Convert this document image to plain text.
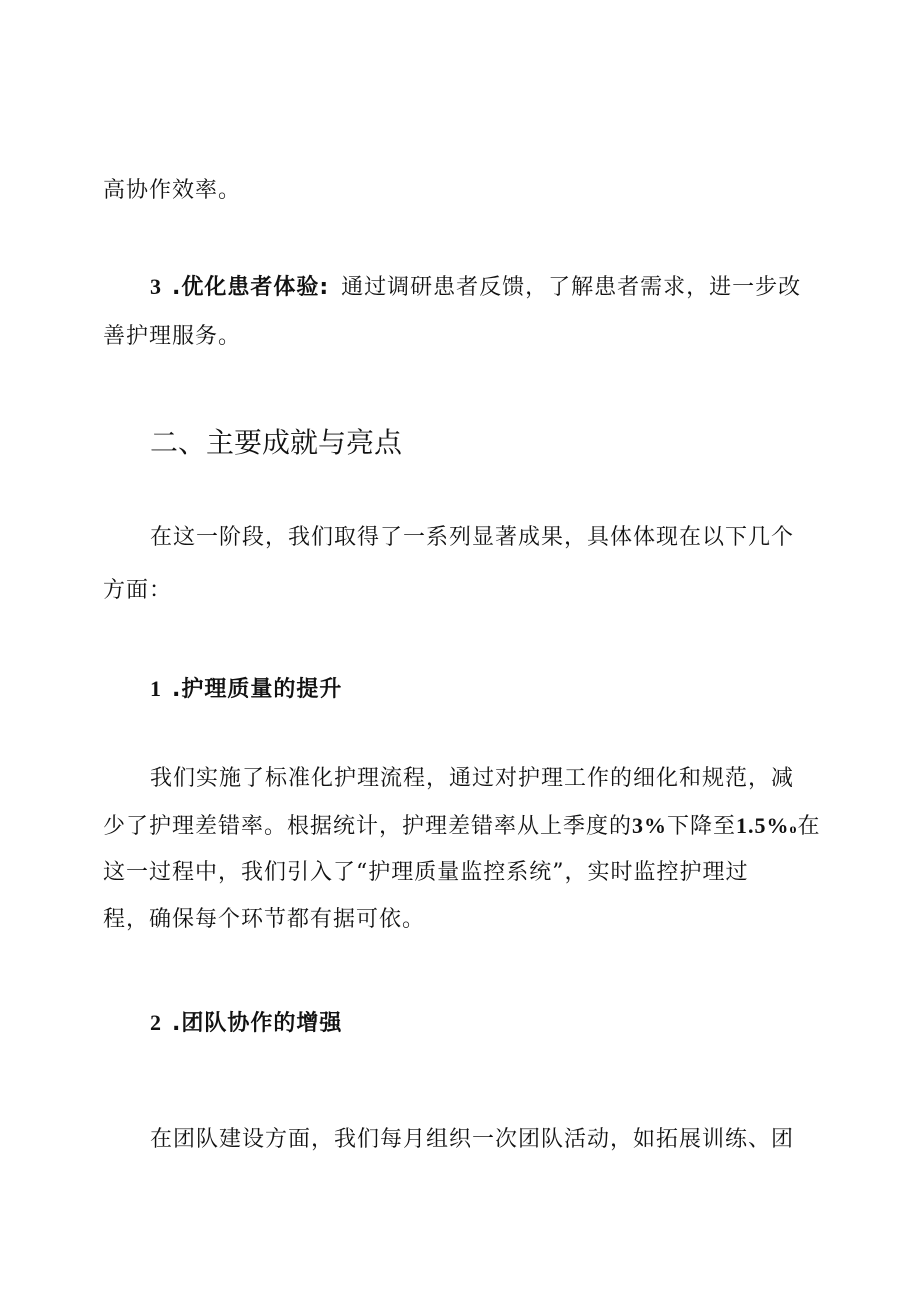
高协作效率。
3 .优化患者体验: 通过调研患者反馈，了解患者需求，进一步改
善护理服务。
二、主要成就与亮点
在这一阶段，我们取得了一系列显著成果，具体体现在以下几个
方面：
1 .护理质量的提升
我们实施了标准化护理流程，通过对护理工作的细化和规范，减
少了护理差错率。根据统计，护理差错率从上季度的3%下降至1.5%o在
这一过程中，我们引入了“护理质量监控系统”，实时监控护理过
程，确保每个环节都有据可依。
2 .团队协作的增强
在团队建设方面，我们每月组织一次团队活动，如拓展训练、团
